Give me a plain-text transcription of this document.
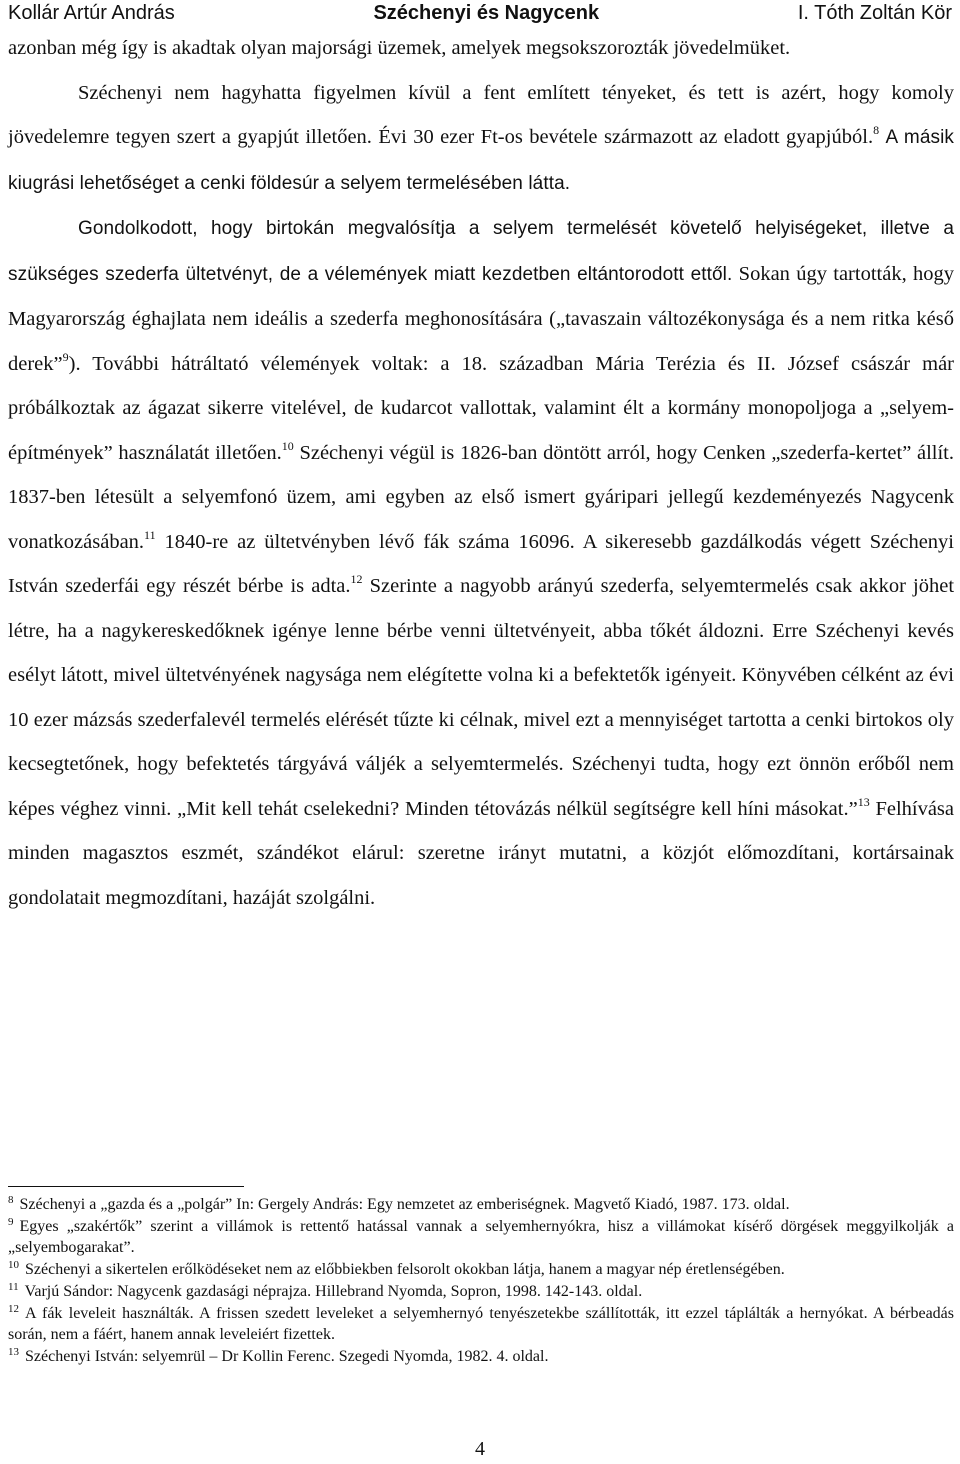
Kollár Artúr András	Széchenyi és Nagycenk	I. Tóth Zoltán Kör

azonban még így is akadtak olyan majorsági üzemek, amelyek megsokszorozták jövedelmüket.

Széchenyi nem hagyhatta figyelmen kívül a fent említett tényeket, és tett is azért, hogy komoly jövedelemre tegyen szert a gyapjút illetően. Évi 30 ezer Ft-os bevétele származott az eladott gyapjúból.$^8$ A másik kiugrási lehetőséget a cenki földesúr a selyem termelésében látta.

Gondolkodott, hogy birtokán megvalósítja a selyem termelését követelő helyiségeket, illetve a szükséges szederfa ültetvényt, de a vélemények miatt kezdetben eltántorodott ettől. Sokan úgy tartották, hogy Magyarország éghajlata nem ideális a szederfa meghonosítására („tavaszain változékonysága és a nem ritka késő derek”$^9$). További hátráltató vélemények voltak: a 18. században Mária Terézia és II. József császár már próbálkoztak az ágazat sikerre vitelével, de kudarcot vallottak, valamint élt a kormány monopoljoga a „selyem-építmények” használatát illetően.$^{10}$ Széchenyi végül is 1826-ban döntött arról, hogy Cenken „szederfa-kertet” állít. 1837-ben létesült a selyemfonó üzem, ami egyben az első ismert gyáripari jellegű kezdeményezés Nagycenk vonatkozásában.$^{11}$ 1840-re az ültetvényben lévő fák száma 16096. A sikeresebb gazdálkodás végett Széchenyi István szederfái egy részét bérbe is adta.$^{12}$ Szerinte a nagyobb arányú szederfa, selyemtermelés csak akkor jöhet létre, ha a nagykereskedőknek igénye lenne bérbe venni ültetvényeit, abba tőkét áldozni. Erre Széchenyi kevés esélyt látott, mivel ültetvényének nagysága nem elégítette volna ki a befektetők igényeit. Könyvében célként az évi 10 ezer mázsás szederfalevél termelés elérését tűzte ki célnak, mivel ezt a mennyiséget tartotta a cenki birtokos oly kecsegtetőnek, hogy befektetés tárgyává váljék a selyemtermelés. Széchenyi tudta, hogy ezt önnön erőből nem képes véghez vinni. „Mit kell tehát cselekedni? Minden tétovázás nélkül segítségre kell híni másokat.”$^{13}$ Felhívása minden magasztos eszmét, szándékot elárul: szeretne irányt mutatni, a közjót előmozdítani, kortársainak gondolatait megmozdítani, hazáját szolgálni.

$^8$ Széchenyi a „gazda és a „polgár” In: Gergely András: Egy nemzetet az emberiségnek. Magvető Kiadó, 1987. 173. oldal.

$^9$ Egyes „szakértők” szerint a villámok is rettentő hatással vannak a selyemhernyókra, hisz a villámokat kísérő dörgések meggyilkolják a „selyembogarakat”.

$^{10}$ Széchenyi a sikertelen erőlködéseket nem az előbbiekben felsorolt okokban látja, hanem a magyar nép éretlenségében.

$^{11}$ Varjú Sándor: Nagycenk gazdasági néprajza. Hillebrand Nyomda, Sopron, 1998. 142-143. oldal.

$^{12}$ A fák leveleit használták. A frissen szedett leveleket a selyemhernyó tenyészetekbe szállították, itt ezzel táplálták a hernyókat. A bérbeadás során, nem a fáért, hanem annak leveleiért fizettek.

$^{13}$ Széchenyi István: selyemrül – Dr Kollin Ferenc. Szegedi Nyomda, 1982. 4. oldal.

4
